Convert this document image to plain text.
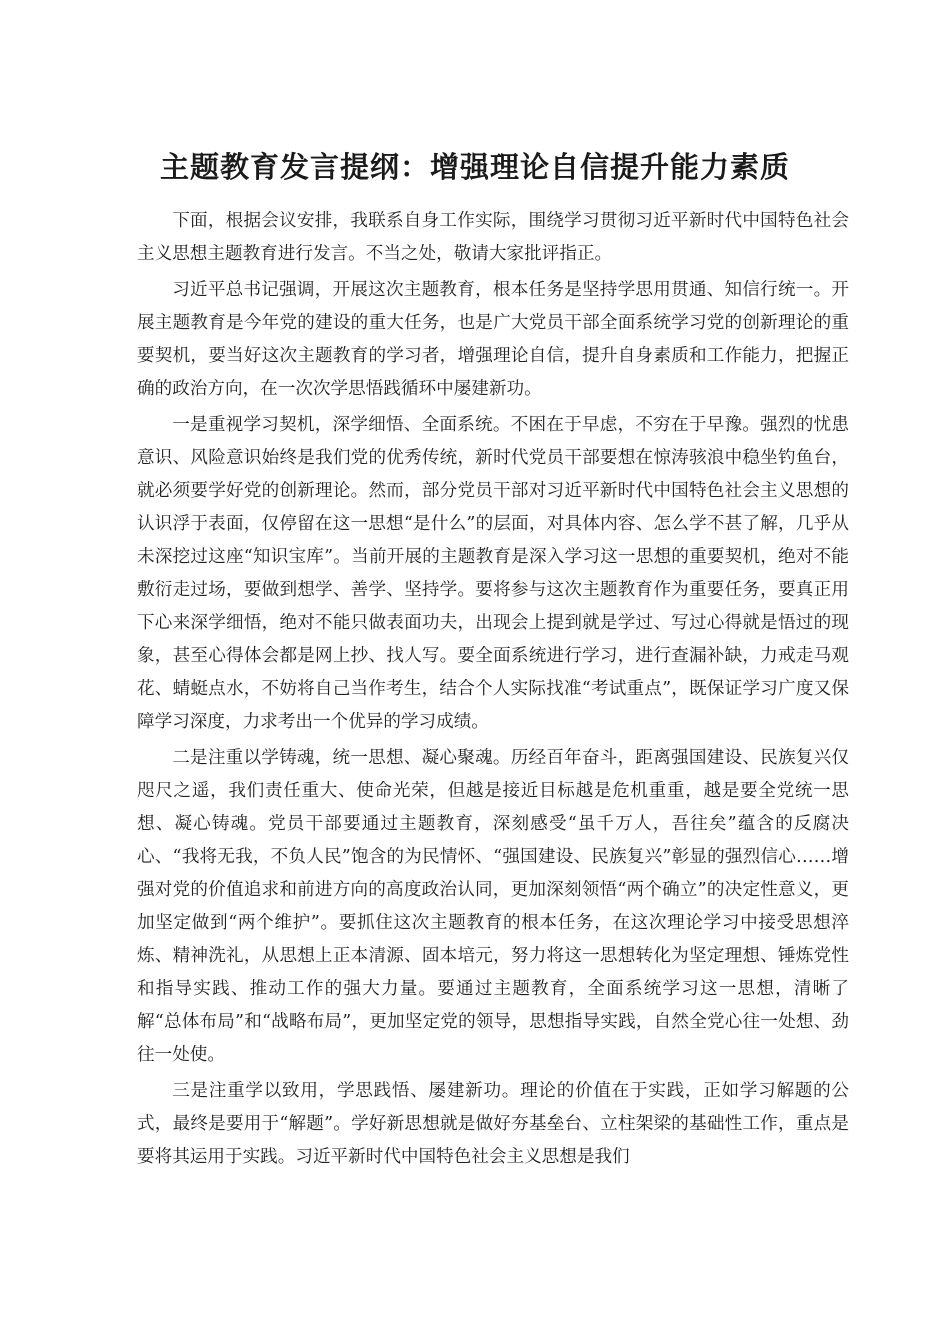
主题教育发言提纲：增强理论自信提升能力素质

下面，根据会议安排，我联系自身工作实际，围绕学习贯彻习近平新时代中国特色社会主义思想主题教育进行发言。不当之处，敬请大家批评指正。

习近平总书记强调，开展这次主题教育，根本任务是坚持学思用贯通、知信行统一。开展主题教育是今年党的建设的重大任务，也是广大党员干部全面系统学习党的创新理论的重要契机，要当好这次主题教育的学习者，增强理论自信，提升自身素质和工作能力，把握正确的政治方向，在一次次学思悟践循环中屡建新功。

一是重视学习契机，深学细悟、全面系统。不困在于早虑，不穷在于早豫。强烈的忧患意识、风险意识始终是我们党的优秀传统，新时代党员干部要想在惊涛骇浪中稳坐钓鱼台，就必须要学好党的创新理论。然而，部分党员干部对习近平新时代中国特色社会主义思想的认识浮于表面，仅停留在这一思想“是什么”的层面，对具体内容、怎么学不甚了解，几乎从未深挖过这座“知识宝库”。当前开展的主题教育是深入学习这一思想的重要契机，绝对不能敷衍走过场，要做到想学、善学、坚持学。要将参与这次主题教育作为重要任务，要真正用下心来深学细悟，绝对不能只做表面功夫，出现会上提到就是学过、写过心得就是悟过的现象，甚至心得体会都是网上抄、找人写。要全面系统进行学习，进行查漏补缺，力戒走马观花、蜻蜓点水，不妨将自己当作考生，结合个人实际找准“考试重点”，既保证学习广度又保障学习深度，力求考出一个优异的学习成绩。

二是注重以学铸魂，统一思想、凝心聚魂。历经百年奋斗，距离强国建设、民族复兴仅咫尺之遥，我们责任重大、使命光荣，但越是接近目标越是危机重重，越是要全党统一思想、凝心铸魂。党员干部要通过主题教育，深刻感受“虽千万人，吾往矣”蕴含的反腐决心、“我将无我，不负人民”饱含的为民情怀、“强国建设、民族复兴”彰显的强烈信心……增强对党的价值追求和前进方向的高度政治认同，更加深刻领悟“两个确立”的决定性意义，更加坚定做到“两个维护”。要抓住这次主题教育的根本任务，在这次理论学习中接受思想淬炼、精神洗礼，从思想上正本清源、固本培元，努力将这一思想转化为坚定理想、锤炼党性和指导实践、推动工作的强大力量。要通过主题教育，全面系统学习这一思想，清晰了解“总体布局”和“战略布局”，更加坚定党的领导，思想指导实践，自然全党心往一处想、劲往一处使。

三是注重学以致用，学思践悟、屡建新功。理论的价值在于实践，正如学习解题的公式，最终是要用于“解题”。学好新思想就是做好夯基垒台、立柱架梁的基础性工作，重点是要将其运用于实践。习近平新时代中国特色社会主义思想是我们
